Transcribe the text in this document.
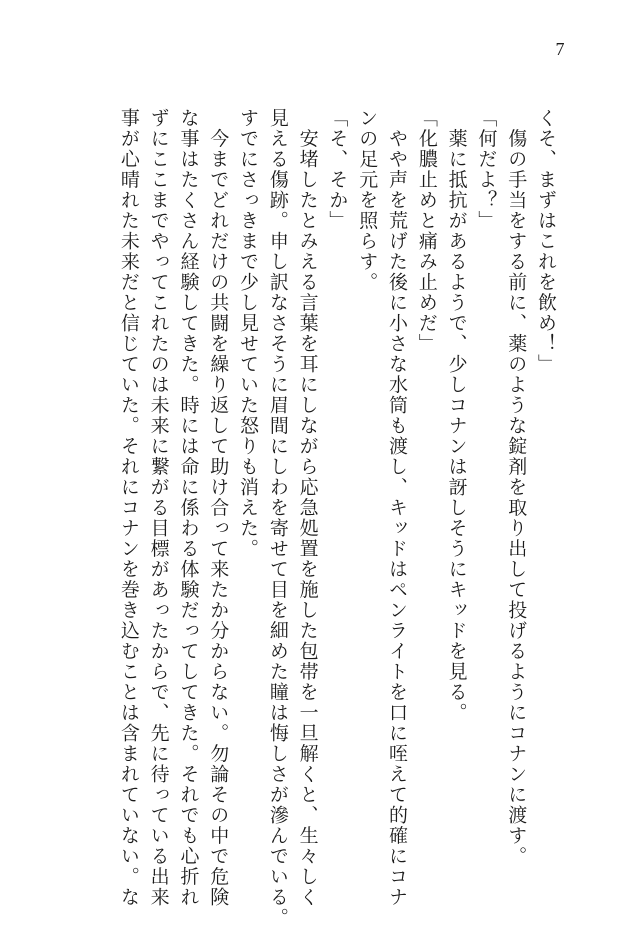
7
くそ、まずはこれを飲め！」
　傷の手当をする前に、薬のような錠剤を取り出して投げるようにコナンに渡す。
「何だよ？」
　薬に抵抗があるようで、少しコナンは訝しそうにキッドを見る。
「化膿止めと痛み止めだ」
　やや声を荒げた後に小さな水筒も渡し、キッドはペンライトを口に咥えて的確にコナ
ンの足元を照らす。
「そ、そか」
　安堵したとみえる言葉を耳にしながら応急処置を施した包帯を一旦解くと、生々しく
見える傷跡。申し訳なさそうに眉間にしわを寄せて目を細めた瞳は悔しさが滲んでいる。
すでにさっきまで少し見せていた怒りも消えた。
　今までどれだけの共闘を繰り返して助け合って来たか分からない。勿論その中で危険
な事はたくさん経験してきた。時には命に係わる体験だってしてきた。それでも心折れ
ずにここまでやってこれたのは未来に繋がる目標があったからで、先に待っている出来
事が心晴れた未来だと信じていた。それにコナンを巻き込むことは含まれていない。な
